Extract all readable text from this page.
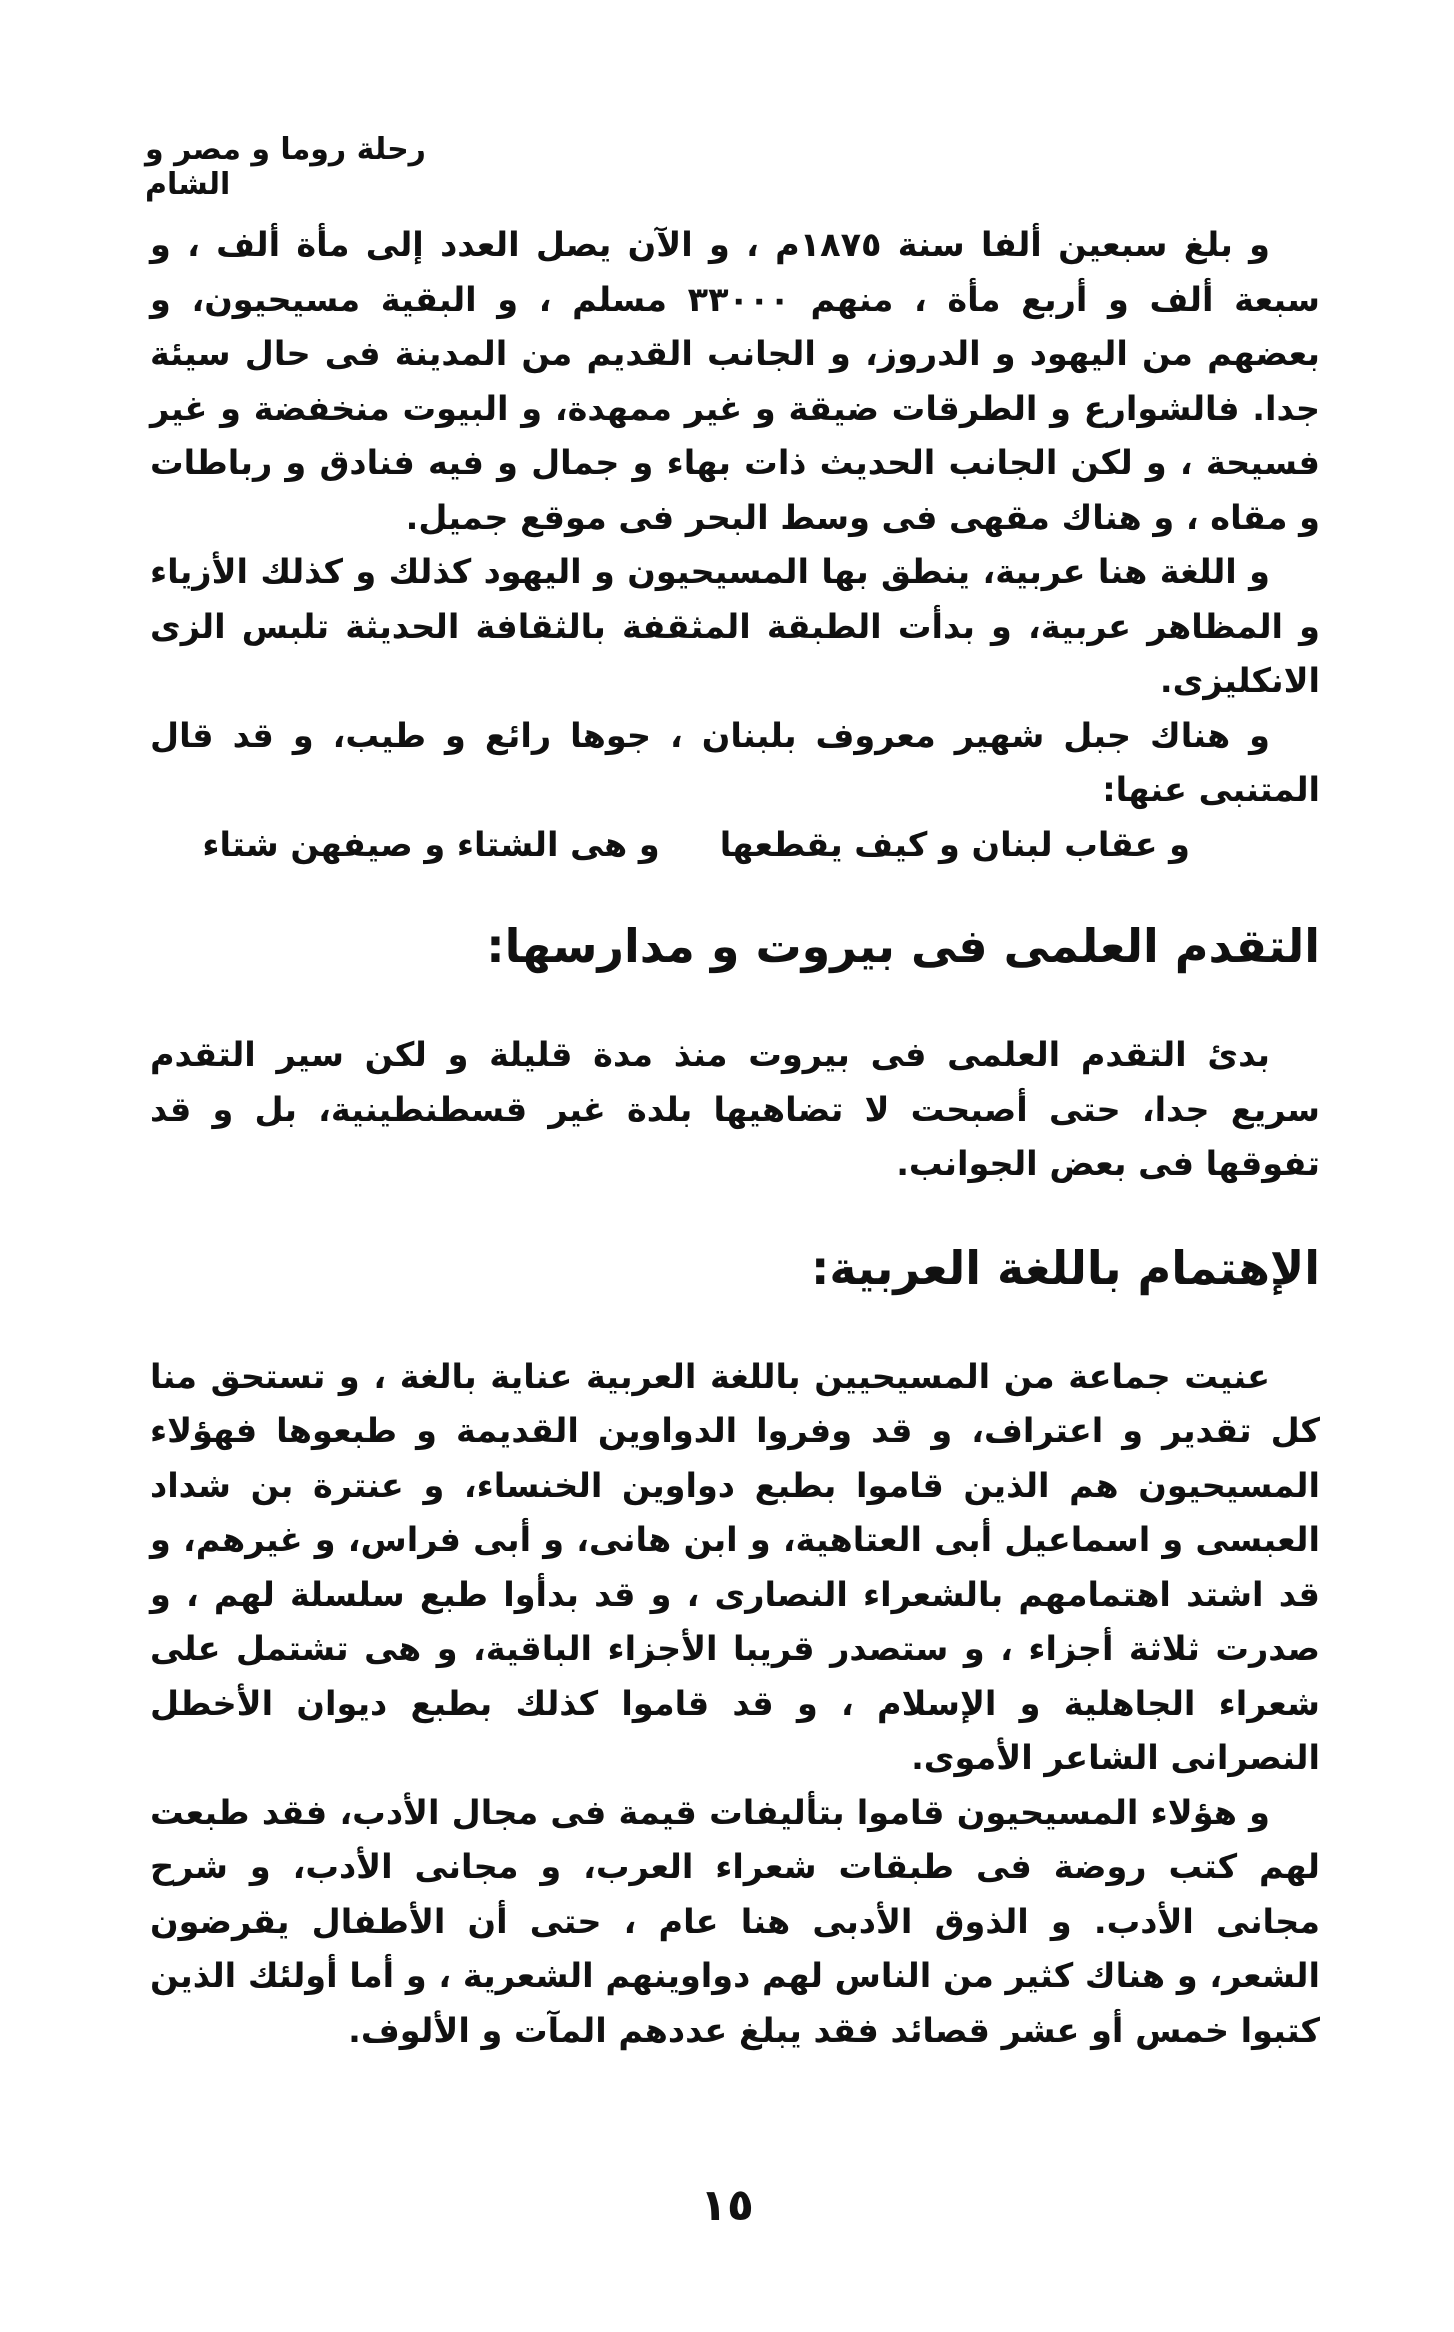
رحلة روما و مصر و الشام

و بلغ سبعين ألفا سنة ١٨٧٥م ، و الآن يصل العدد إلى مأة ألف ، و سبعة ألف و أربع مأة ، منهم ٣٣٠٠٠ مسلم ، و البقية مسيحيون، و بعضهم من اليهود و الدروز، و الجانب القديم من المدينة فى حال سيئة جدا. فالشوارع و الطرقات ضيقة و غير ممهدة، و البيوت منخفضة و غير فسيحة ، و لكن الجانب الحديث ذات بهاء و جمال و فيه فنادق و رباطات و مقاه ، و هناك مقهى فى وسط البحر فى موقع جميل.

و اللغة هنا عربية، ينطق بها المسيحيون و اليهود كذلك و كذلك الأزياء و المظاهر عربية، و بدأت الطبقة المثقفة بالثقافة الحديثة تلبس الزى الانكليزى.

و هناك جبل شهير معروف بلبنان ، جوها رائع و طيب، و قد قال المتنبى عنها:

و عقاب لبنان و كيف يقطعها
و هى الشتاء و صيفهن شتاء
التقدم العلمى فى بيروت و مدارسها:

بدئ التقدم العلمى فى بيروت منذ مدة قليلة و لكن سير التقدم سريع جدا، حتى أصبحت لا تضاهيها بلدة غير قسطنطينية، بل و قد تفوقها فى بعض الجوانب.

الإهتمام باللغة العربية:

عنيت جماعة من المسيحيين باللغة العربية عناية بالغة ، و تستحق منا كل تقدير و اعتراف، و قد وفروا الدواوين القديمة و طبعوها فهؤلاء المسيحيون هم الذين قاموا بطبع دواوين الخنساء، و عنترة بن شداد العبسى و اسماعيل أبى العتاهية، و ابن هانى، و أبى فراس، و غيرهم، و قد اشتد اهتمامهم بالشعراء النصارى ، و قد بدأوا طبع سلسلة لهم ، و صدرت ثلاثة أجزاء ، و ستصدر قريبا الأجزاء الباقية، و هى تشتمل على شعراء الجاهلية و الإسلام ، و قد قاموا كذلك بطبع ديوان الأخطل النصرانى الشاعر الأموى.

و هؤلاء المسيحيون قاموا بتأليفات قيمة فى مجال الأدب، فقد طبعت لهم كتب روضة فى طبقات شعراء العرب، و مجانى الأدب، و شرح مجانى الأدب. و الذوق الأدبى هنا عام ، حتى أن الأطفال يقرضون الشعر، و هناك كثير من الناس لهم دواوينهم الشعرية ، و أما أولئك الذين كتبوا خمس أو عشر قصائد فقد يبلغ عددهم المآت و الألوف.

١٥
